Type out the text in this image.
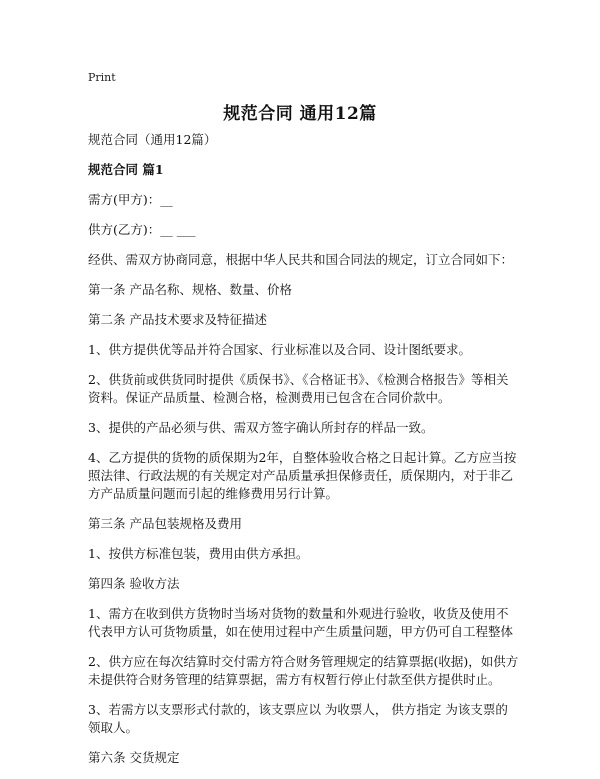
Print
规范合同 通用12篇

规范合同（通用12篇）

规范合同 篇1

需方(甲方)：__

供方(乙方)：__ ___

经供、需双方协商同意，根据中华人民共和国合同法的规定，订立合同如下：

第一条 产品名称、规格、数量、价格

第二条 产品技术要求及特征描述

1、供方提供优等品并符合国家、行业标准以及合同、设计图纸要求。

2、供货前或供货同时提供《质保书》、《合格证书》、《检测合格报告》等相关资料。保证产品质量、检测合格，检测费用已包含在合同价款中。

3、提供的产品必须与供、需双方签字确认所封存的样品一致。

4、乙方提供的货物的质保期为2年，自整体验收合格之日起计算。乙方应当按照法律、行政法规的有关规定对产品质量承担保修责任，质保期内，对于非乙方产品质量问题而引起的维修费用另行计算。

第三条 产品包装规格及费用

1、按供方标准包装，费用由供方承担。

第四条 验收方法

1、需方在收到供方货物时当场对货物的数量和外观进行验收，收货及使用不代表甲方认可货物质量，如在使用过程中产生质量问题，甲方仍可自工程整体

2、供方应在每次结算时交付需方符合财务管理规定的结算票据(收据)，如供方未提供符合财务管理的结算票据，需方有权暂行停止付款至供方提供时止。

3、若需方以支票形式付款的，该支票应以 为收票人， 供方指定 为该支票的领取人。

第六条 交货规定
